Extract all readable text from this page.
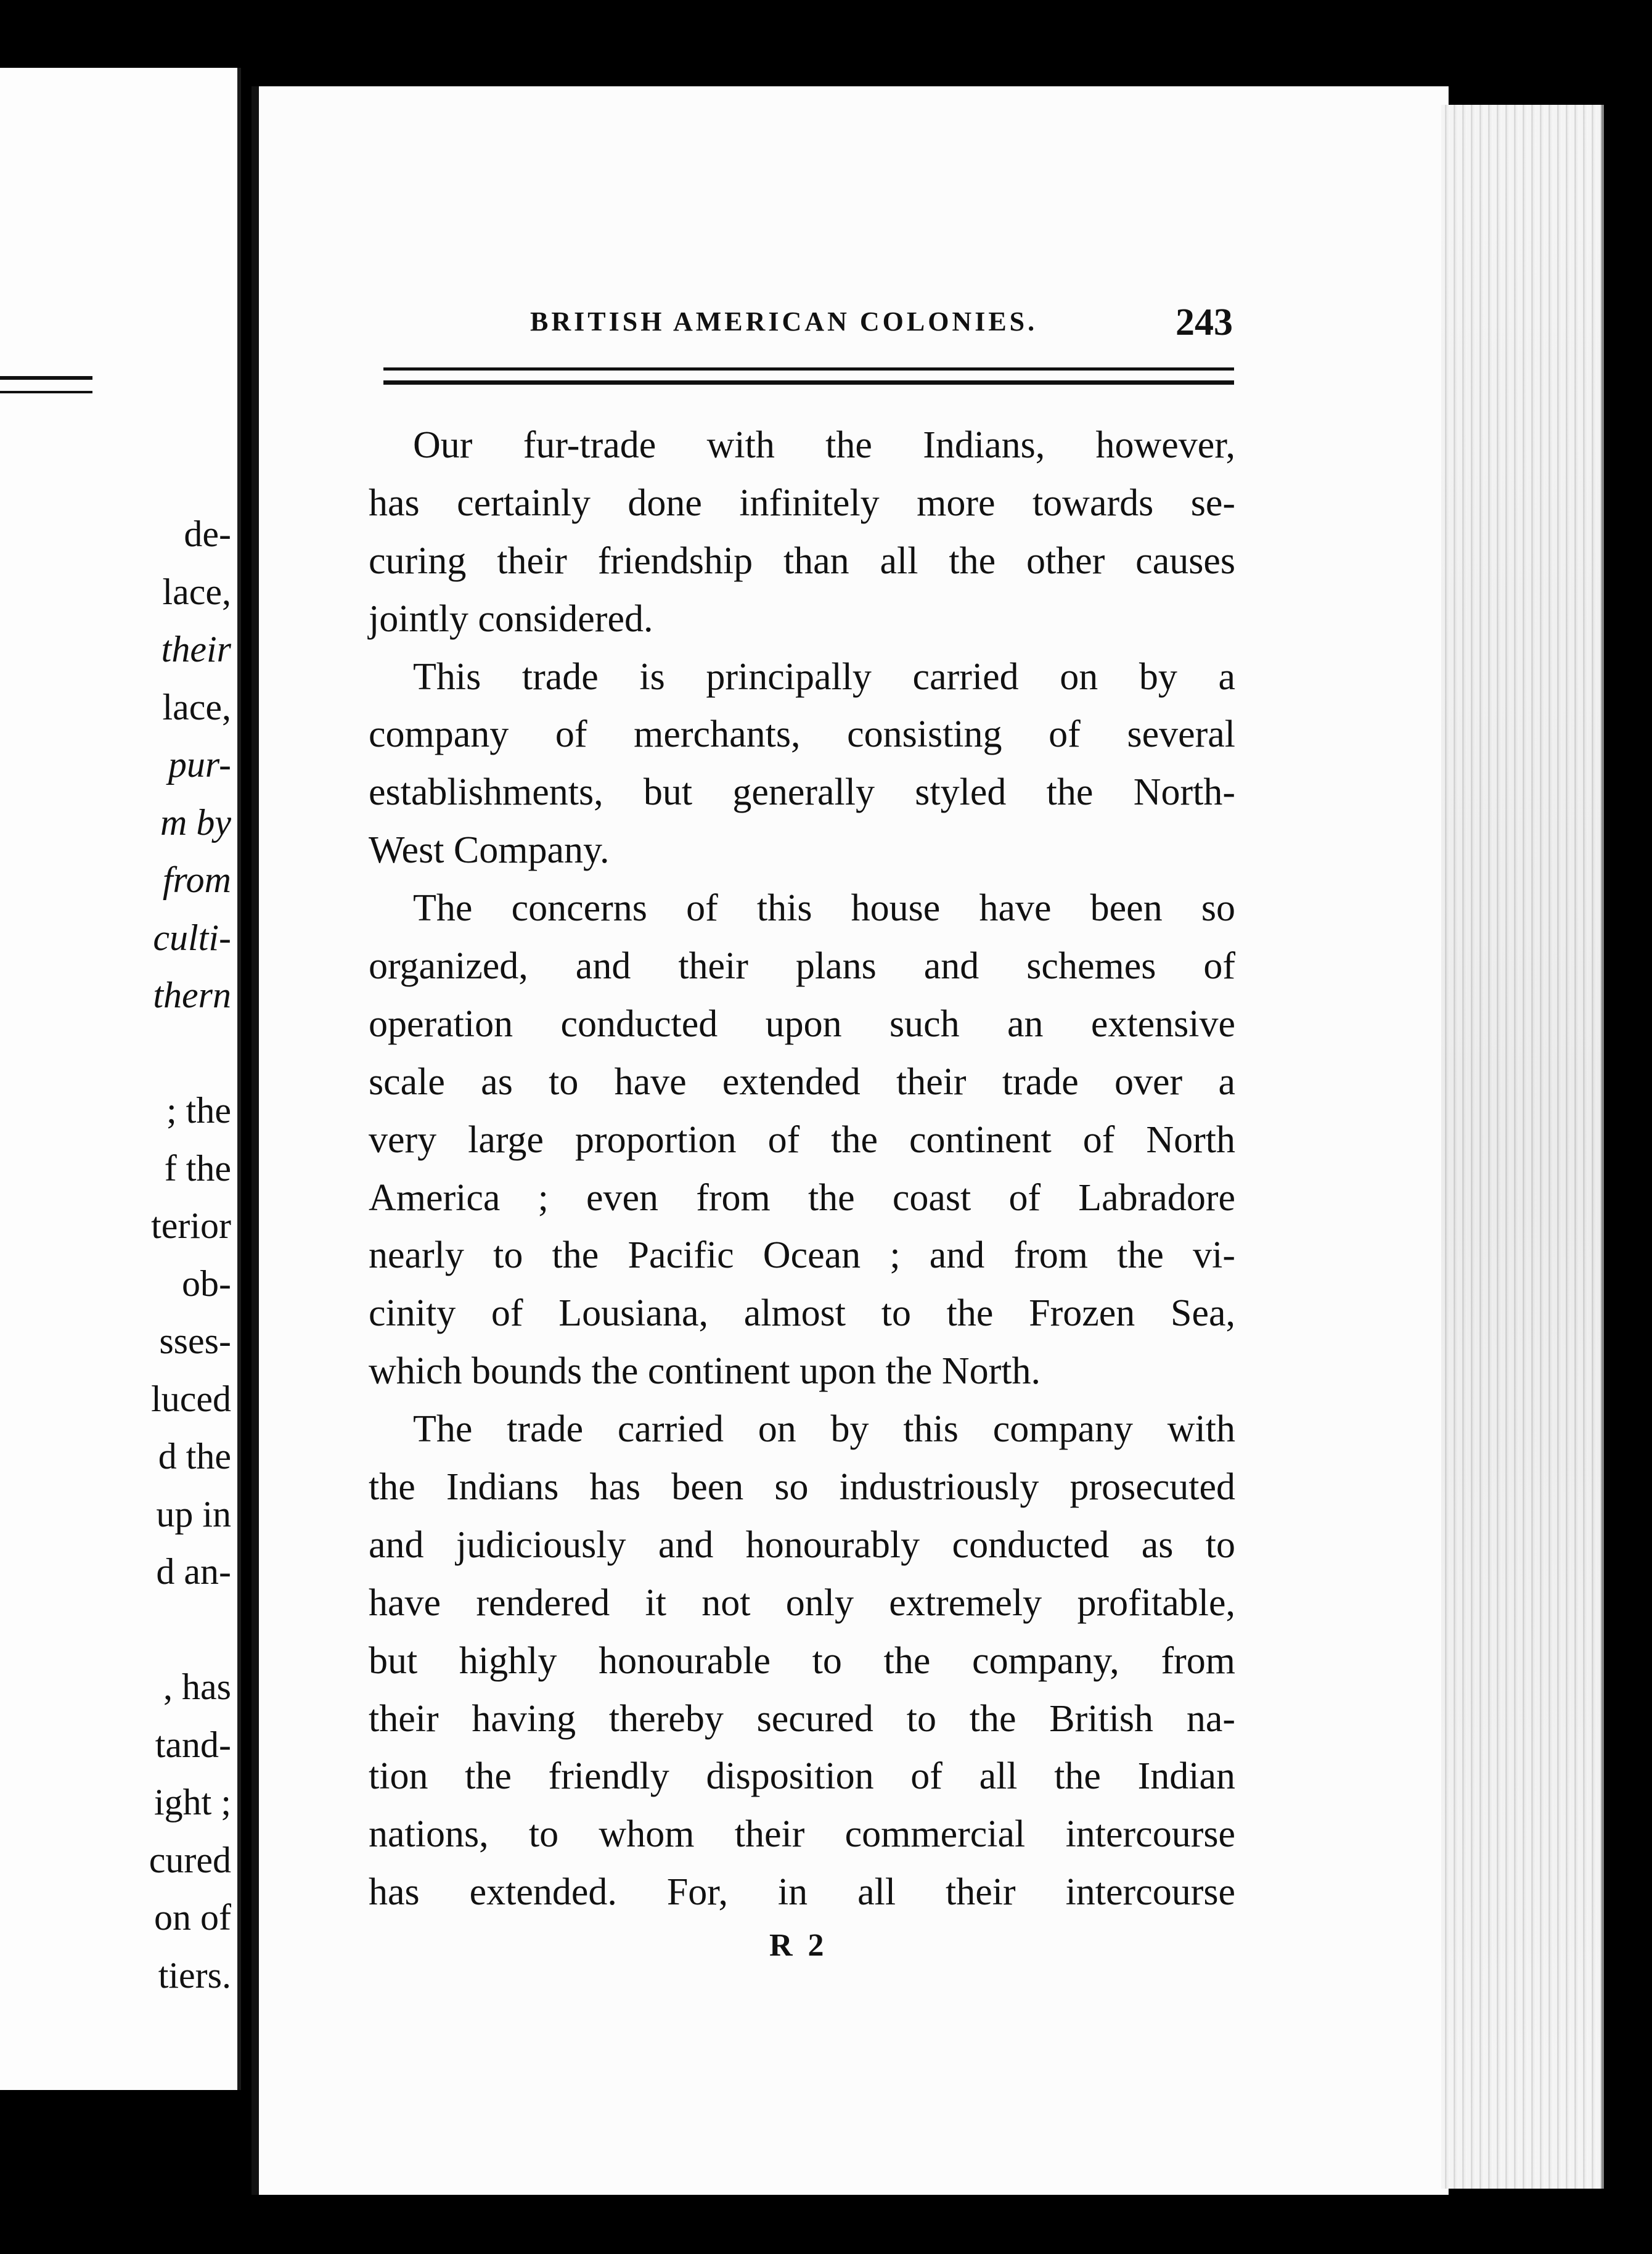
de-
lace,
their
lace,
pur-
m by
from
culti-
thern
; the
f the
terior
ob-
sses-
luced
d the
up in
d an-
, has
tand-
ight ;
cured
on of
tiers.
BRITISH AMERICAN COLONIES.	243
Our fur-trade with the Indians, however,
has certainly done infinitely more towards se-
curing their friendship than all the other causes
jointly considered.
This trade is principally carried on by a
company of merchants, consisting of several
establishments, but generally styled the North-
West Company.
The concerns of this house have been so
organized, and their plans and schemes of
operation conducted upon such an extensive
scale as to have extended their trade over a
very large proportion of the continent of North
America ; even from the coast of Labradore
nearly to the Pacific Ocean ; and from the vi-
cinity of Lousiana, almost to the Frozen Sea,
which bounds the continent upon the North.
The trade carried on by this company with
the Indians has been so industriously prosecuted
and judiciously and honourably conducted as to
have rendered it not only extremely profitable,
but highly honourable to the company, from
their having thereby secured to the British na-
tion the friendly disposition of all the Indian
nations, to whom their commercial intercourse
has extended. For, in all their intercourse
R 2
